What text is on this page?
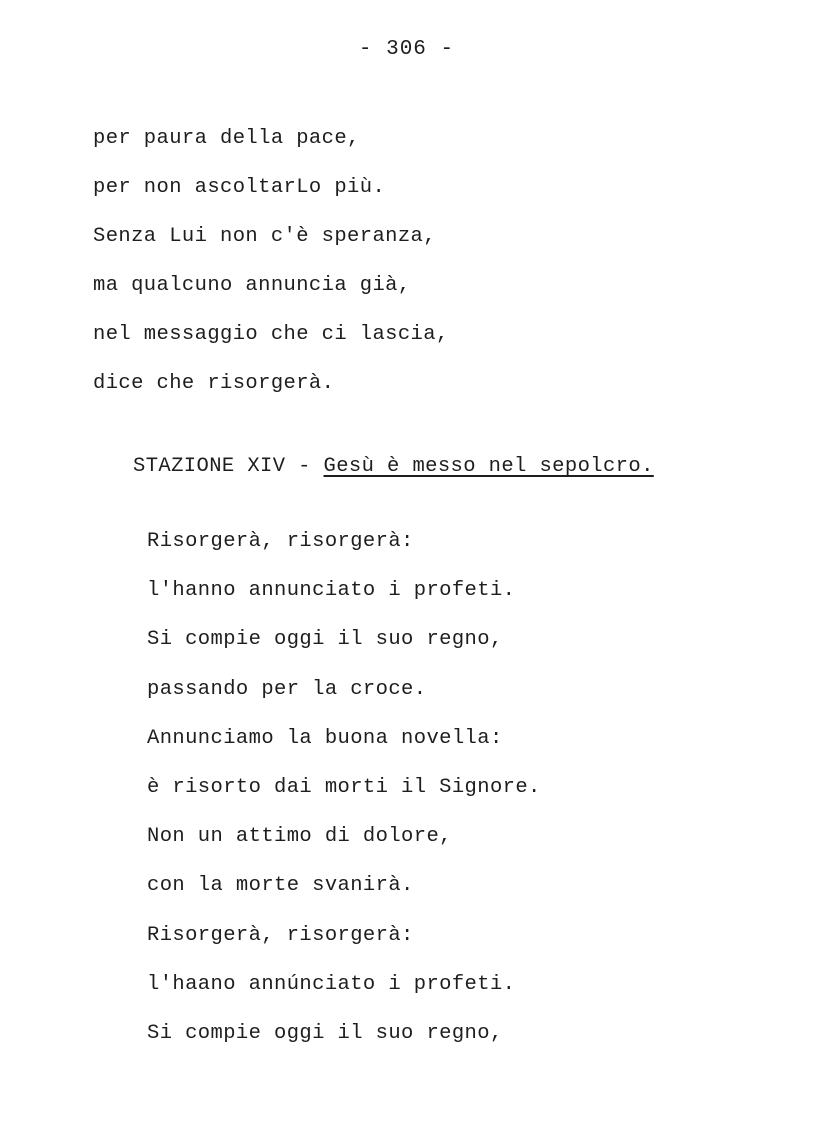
- 306 -
per paura della pace,
per non ascoltarLo più.
Senza Lui non c'è speranza,
ma qualcuno annuncia già,
nel messaggio che ci lascia,
dice che risorgerà.
STAZIONE XIV - Gesù è messo nel sepolcro.
Risorgerà, risorgerà:
l'hanno annunciato i profeti.
Si compie oggi il suo regno,
passando per la croce.
Annunciamo la buona novella:
è risorto dai morti il Signore.
Non un attimo di dolore,
con la morte svanirà.
Risorgerà, risorgerà:
l'haano annúnciato i profeti.
Si compie oggi il suo regno,
